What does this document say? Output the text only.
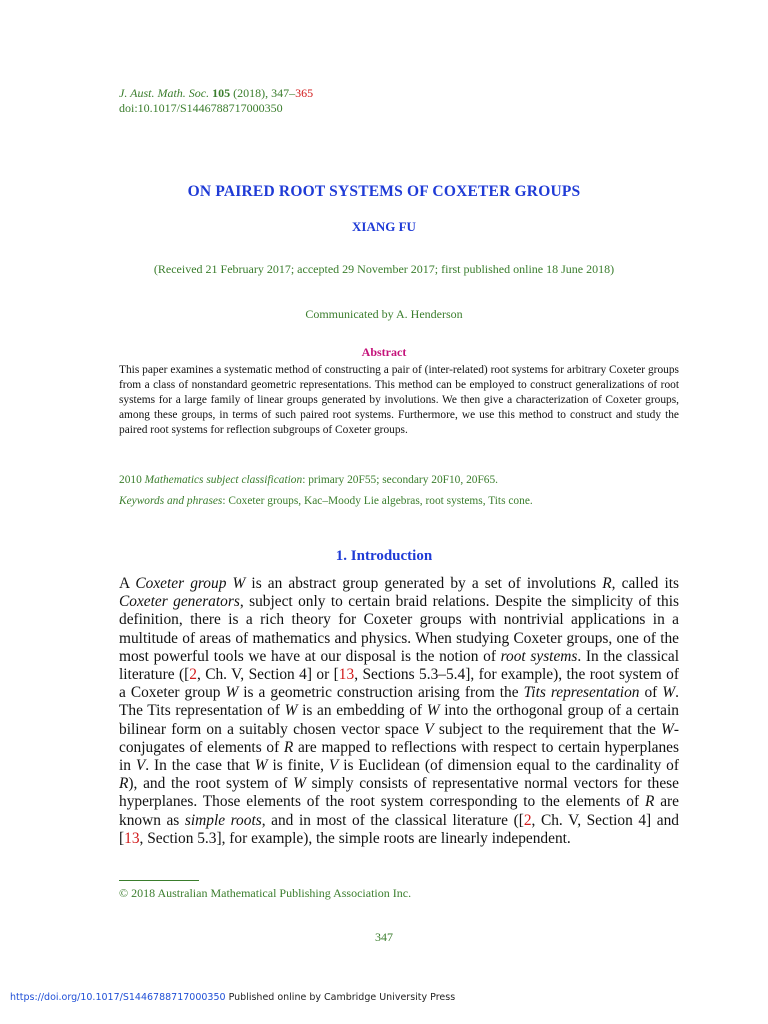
J. Aust. Math. Soc. 105 (2018), 347–365
doi:10.1017/S1446788717000350
ON PAIRED ROOT SYSTEMS OF COXETER GROUPS
XIANG FU
(Received 21 February 2017; accepted 29 November 2017; first published online 18 June 2018)
Communicated by A. Henderson
Abstract
This paper examines a systematic method of constructing a pair of (inter-related) root systems for arbitrary Coxeter groups from a class of nonstandard geometric representations. This method can be employed to construct generalizations of root systems for a large family of linear groups generated by involutions. We then give a characterization of Coxeter groups, among these groups, in terms of such paired root systems. Furthermore, we use this method to construct and study the paired root systems for reflection subgroups of Coxeter groups.
2010 Mathematics subject classification: primary 20F55; secondary 20F10, 20F65.
Keywords and phrases: Coxeter groups, Kac–Moody Lie algebras, root systems, Tits cone.
1. Introduction
A Coxeter group W is an abstract group generated by a set of involutions R, called its Coxeter generators, subject only to certain braid relations. Despite the simplicity of this definition, there is a rich theory for Coxeter groups with nontrivial applications in a multitude of areas of mathematics and physics. When studying Coxeter groups, one of the most powerful tools we have at our disposal is the notion of root systems. In the classical literature ([2, Ch. V, Section 4] or [13, Sections 5.3–5.4], for example), the root system of a Coxeter group W is a geometric construction arising from the Tits representation of W. The Tits representation of W is an embedding of W into the orthogonal group of a certain bilinear form on a suitably chosen vector space V subject to the requirement that the W-conjugates of elements of R are mapped to reflections with respect to certain hyperplanes in V. In the case that W is finite, V is Euclidean (of dimension equal to the cardinality of R), and the root system of W simply consists of representative normal vectors for these hyperplanes. Those elements of the root system corresponding to the elements of R are known as simple roots, and in most of the classical literature ([2, Ch. V, Section 4] and [13, Section 5.3], for example), the simple roots are linearly independent.
© 2018 Australian Mathematical Publishing Association Inc.
347
https://doi.org/10.1017/S1446788717000350 Published online by Cambridge University Press
